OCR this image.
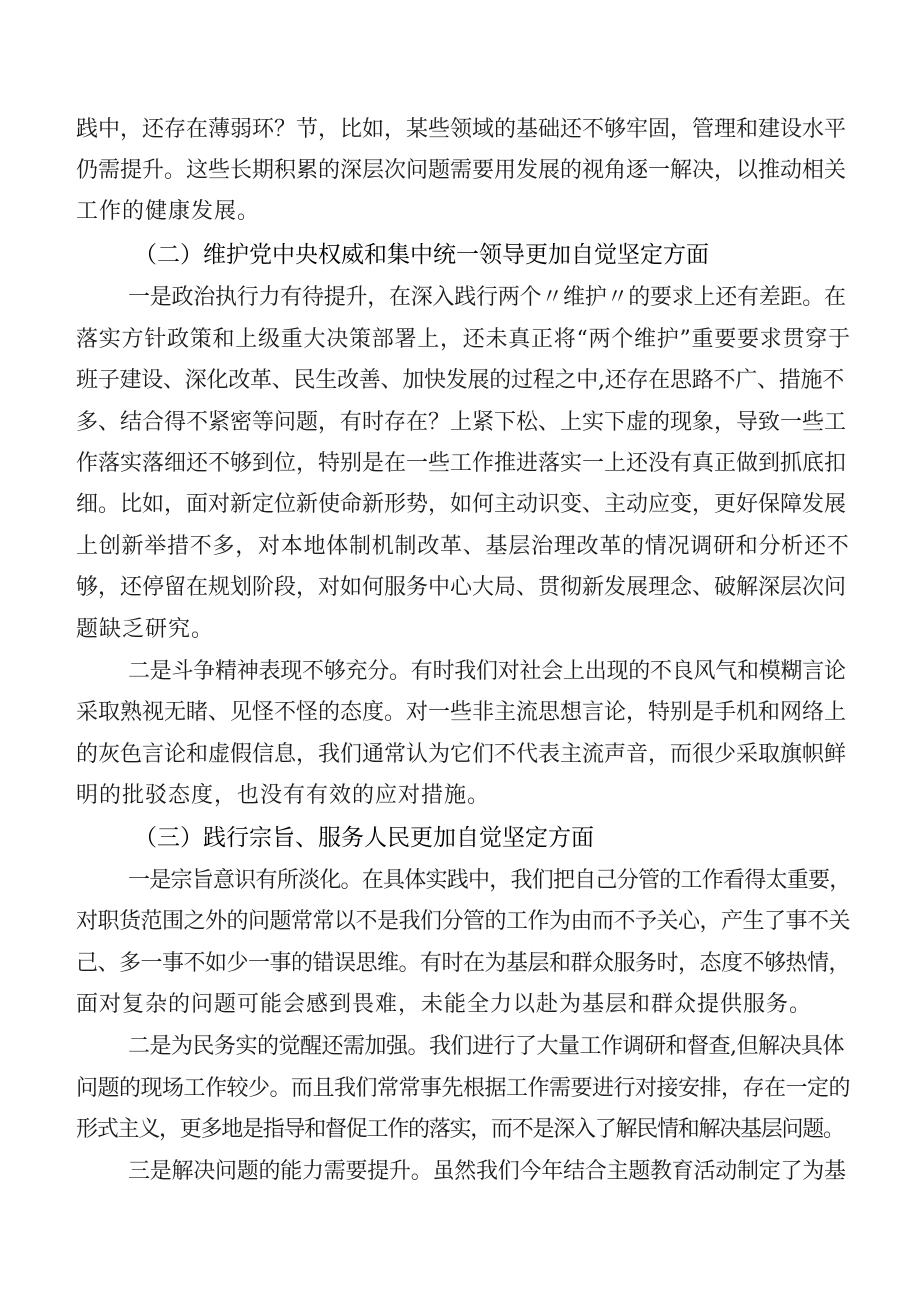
践中，还存在薄弱环？节，比如，某些领域的基础还不够牢固，管理和建设水平
仍需提升。这些长期积累的深层次问题需要用发展的视角逐一解决，以推动相关
工作的健康发展。
（二）维护党中央权威和集中统一领导更加自觉坚定方面
一是政治执行力有待提升，在深入践行两个〃维护〃的要求上还有差距。在
落实方针政策和上级重大决策部署上，还未真正将“两个维护”重要要求贯穿于
班子建设、深化改革、民生改善、加快发展的过程之中,还存在思路不广、措施不
多、结合得不紧密等问题，有时存在？上紧下松、上实下虚的现象，导致一些工
作落实落细还不够到位，特别是在一些工作推进落实一上还没有真正做到抓底扣
细。比如，面对新定位新使命新形势，如何主动识变、主动应变，更好保障发展
上创新举措不多，对本地体制机制改革、基层治理改革的情况调研和分析还不
够，还停留在规划阶段，对如何服务中心大局、贯彻新发展理念、破解深层次问
题缺乏研究。
二是斗争精神表现不够充分。有时我们对社会上出现的不良风气和模糊言论
采取熟视无睹、见怪不怪的态度。对一些非主流思想言论，特别是手机和网络上
的灰色言论和虚假信息，我们通常认为它们不代表主流声音，而很少采取旗帜鲜
明的批驳态度，也没有有效的应对措施。
（三）践行宗旨、服务人民更加自觉坚定方面
一是宗旨意识有所淡化。在具体实践中，我们把自己分管的工作看得太重要，
对职货范围之外的问题常常以不是我们分管的工作为由而不予关心，产生了事不关
己、多一事不如少一事的错误思维。有时在为基层和群众服务时，态度不够热情，
面对复杂的问题可能会感到畏难，未能全力以赴为基层和群众提供服务。
二是为民务实的觉醒还需加强。我们进行了大量工作调研和督查,但解决具体
问题的现场工作较少。而且我们常常事先根据工作需要进行对接安排，存在一定的
形式主义，更多地是指导和督促工作的落实，而不是深入了解民情和解决基层问题。
三是解决问题的能力需要提升。虽然我们今年结合主题教育活动制定了为基
